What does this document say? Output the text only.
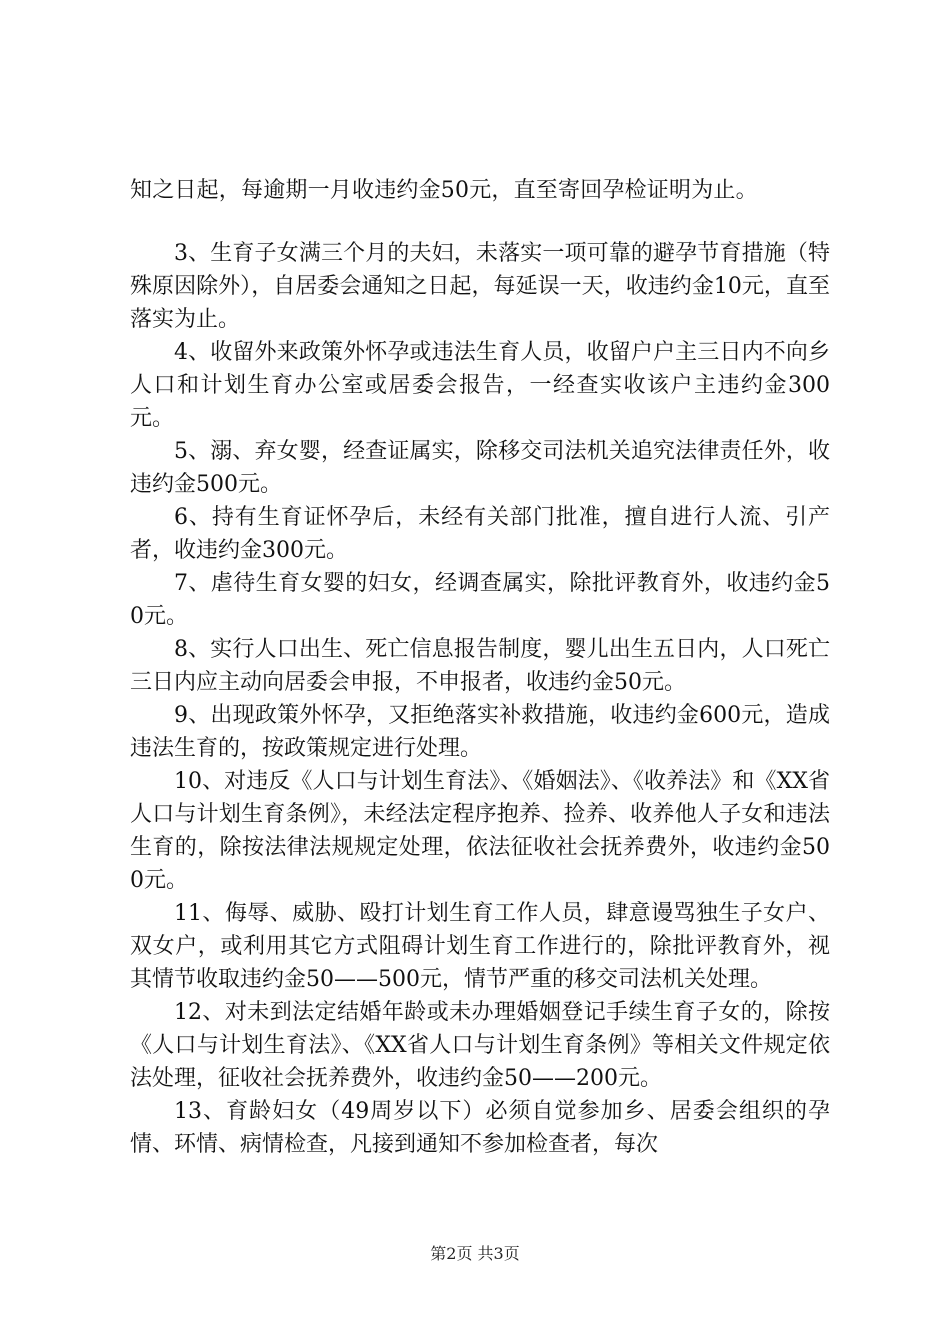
知之日起，每逾期一月收违约金50元，直至寄回孕检证明为止。

3、生育子女满三个月的夫妇，未落实一项可靠的避孕节育措施（特殊原因除外），自居委会通知之日起，每延误一天，收违约金10元，直至落实为止。

4、收留外来政策外怀孕或违法生育人员，收留户户主三日内不向乡人口和计划生育办公室或居委会报告，一经查实收该户主违约金300元。

5、溺、弃女婴，经查证属实，除移交司法机关追究法律责任外，收违约金500元。

6、持有生育证怀孕后，未经有关部门批准，擅自进行人流、引产者，收违约金300元。

7、虐待生育女婴的妇女，经调查属实，除批评教育外，收违约金50元。

8、实行人口出生、死亡信息报告制度，婴儿出生五日内，人口死亡三日内应主动向居委会申报，不申报者，收违约金50元。

9、出现政策外怀孕，又拒绝落实补救措施，收违约金600元，造成违法生育的，按政策规定进行处理。

10、对违反《人口与计划生育法》、《婚姻法》、《收养法》和《XX省人口与计划生育条例》，未经法定程序抱养、捡养、收养他人子女和违法生育的，除按法律法规规定处理，依法征收社会抚养费外，收违约金500元。

11、侮辱、威胁、殴打计划生育工作人员，肆意谩骂独生子女户、双女户，或利用其它方式阻碍计划生育工作进行的，除批评教育外，视其情节收取违约金50——500元，情节严重的移交司法机关处理。

12、对未到法定结婚年龄或未办理婚姻登记手续生育子女的，除按《人口与计划生育法》、《XX省人口与计划生育条例》等相关文件规定依法处理，征收社会抚养费外，收违约金50——200元。

13、育龄妇女（49周岁以下）必须自觉参加乡、居委会组织的孕情、环情、病情检查，凡接到通知不参加检查者，每次

第2页 共3页
